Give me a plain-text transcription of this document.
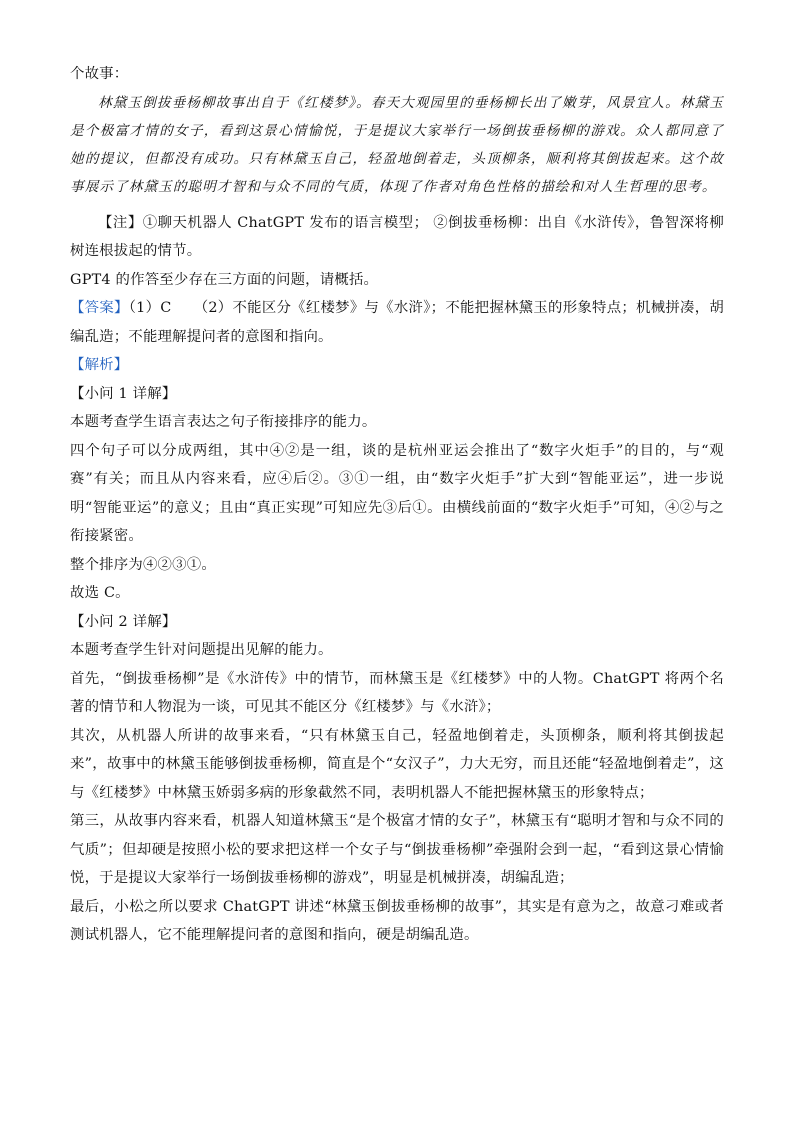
个故事：

林黛玉倒拔垂杨柳故事出自于《红楼梦》。春天大观园里的垂杨柳长出了嫩芽，风景宜人。林黛玉是个极富才情的女子，看到这景心情愉悦，于是提议大家举行一场倒拔垂杨柳的游戏。众人都同意了她的提议，但都没有成功。只有林黛玉自己，轻盈地倒着走，头顶柳条，顺利将其倒拔起来。这个故事展示了林黛玉的聪明才智和与众不同的气质，体现了作者对角色性格的描绘和对人生哲理的思考。

【注】①聊天机器人 ChatGPT 发布的语言模型； ②倒拔垂杨柳：出自《水浒传》，鲁智深将柳树连根拔起的情节。

GPT4 的作答至少存在三方面的问题，请概括。

【答案】（1）C　　（2）不能区分《红楼梦》与《水浒》；不能把握林黛玉的形象特点；机械拼凑，胡编乱造；不能理解提问者的意图和指向。

【解析】

【小问 1 详解】

本题考查学生语言表达之句子衔接排序的能力。

四个句子可以分成两组，其中④②是一组，谈的是杭州亚运会推出了“数字火炬手”的目的，与“观赛”有关；而且从内容来看，应④后②。③①一组，由“数字火炬手”扩大到“智能亚运”，进一步说明“智能亚运”的意义；且由“真正实现”可知应先③后①。由横线前面的“数字火炬手”可知，④②与之衔接紧密。

整个排序为④②③①。

故选 C。

【小问 2 详解】

本题考查学生针对问题提出见解的能力。

首先，“倒拔垂杨柳”是《水浒传》中的情节，而林黛玉是《红楼梦》中的人物。ChatGPT 将两个名著的情节和人物混为一谈，可见其不能区分《红楼梦》与《水浒》；

其次，从机器人所讲的故事来看，“只有林黛玉自己，轻盈地倒着走，头顶柳条，顺利将其倒拔起来”，故事中的林黛玉能够倒拔垂杨柳，简直是个“女汉子”，力大无穷，而且还能“轻盈地倒着走”，这与《红楼梦》中林黛玉娇弱多病的形象截然不同，表明机器人不能把握林黛玉的形象特点；

第三，从故事内容来看，机器人知道林黛玉“是个极富才情的女子”，林黛玉有“聪明才智和与众不同的气质”；但却硬是按照小松的要求把这样一个女子与“倒拔垂杨柳”牵强附会到一起，“看到这景心情愉悦，于是提议大家举行一场倒拔垂杨柳的游戏”，明显是机械拼凑，胡编乱造；

最后，小松之所以要求 ChatGPT 讲述“林黛玉倒拔垂杨柳的故事”，其实是有意为之，故意刁难或者测试机器人，它不能理解提问者的意图和指向，硬是胡编乱造。
